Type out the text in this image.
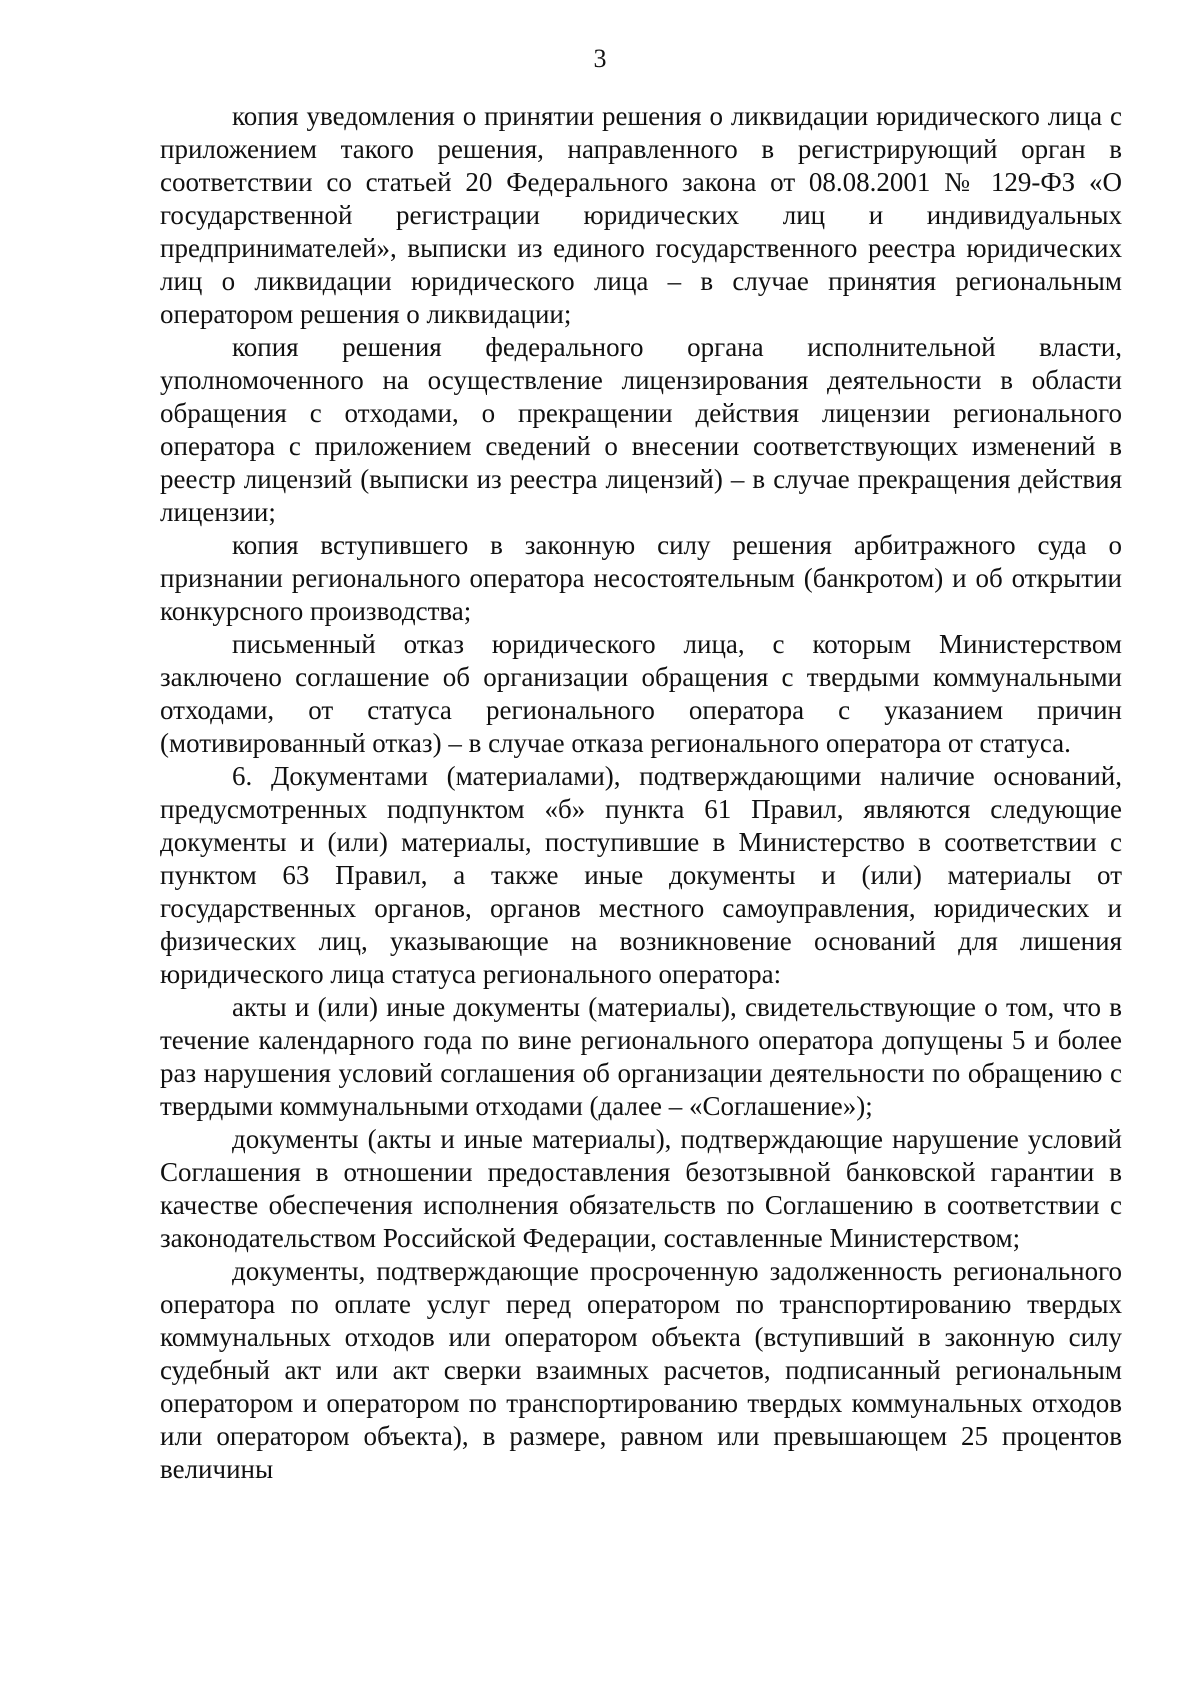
3

копия уведомления о принятии решения о ликвидации юридического лица с приложением такого решения, направленного в регистрирующий орган в соответствии со статьей 20 Федерального закона от 08.08.2001 № 129-ФЗ «О государственной регистрации юридических лиц и индивидуальных предпринимателей», выписки из единого государственного реестра юридических лиц о ликвидации юридического лица – в случае принятия региональным оператором решения о ликвидации;

копия решения федерального органа исполнительной власти, уполномоченного на осуществление лицензирования деятельности в области обращения с отходами, о прекращении действия лицензии регионального оператора с приложением сведений о внесении соответствующих изменений в реестр лицензий (выписки из реестра лицензий) – в случае прекращения действия лицензии;

копия вступившего в законную силу решения арбитражного суда о признании регионального оператора несостоятельным (банкротом) и об открытии конкурсного производства;

письменный отказ юридического лица, с которым Министерством заключено соглашение об организации обращения с твердыми коммунальными отходами, от статуса регионального оператора с указанием причин (мотивированный отказ) – в случае отказа регионального оператора от статуса.

6. Документами (материалами), подтверждающими наличие оснований, предусмотренных подпунктом «б» пункта 61 Правил, являются следующие документы и (или) материалы, поступившие в Министерство в соответствии с пунктом 63 Правил, а также иные документы и (или) материалы от государственных органов, органов местного самоуправления, юридических и физических лиц, указывающие на возникновение оснований для лишения юридического лица статуса регионального оператора:

акты и (или) иные документы (материалы), свидетельствующие о том, что в течение календарного года по вине регионального оператора допущены 5 и более раз нарушения условий соглашения об организации деятельности по обращению с твердыми коммунальными отходами (далее – «Соглашение»);

документы (акты и иные материалы), подтверждающие нарушение условий Соглашения в отношении предоставления безотзывной банковской гарантии в качестве обеспечения исполнения обязательств по Соглашению в соответствии с законодательством Российской Федерации, составленные Министерством;

документы, подтверждающие просроченную задолженность регионального оператора по оплате услуг перед оператором по транспортированию твердых коммунальных отходов или оператором объекта (вступивший в законную силу судебный акт или акт сверки взаимных расчетов, подписанный региональным оператором и оператором по транспортированию твердых коммунальных отходов или оператором объекта), в размере, равном или превышающем 25 процентов величины
